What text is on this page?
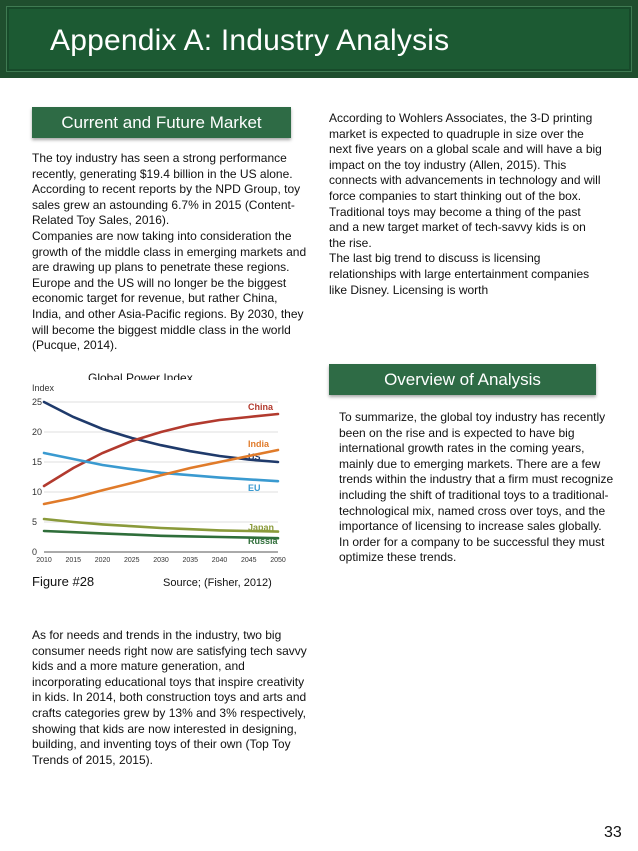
Appendix A: Industry Analysis
Current and Future Market
Overview of Analysis

The toy industry has seen a strong performance recently, generating $19.4 billion in the US alone. According to recent reports by the NPD Group, toy sales grew an astounding 6.7% in 2015 (Content-Related Toy Sales, 2016).

Companies are now taking into consideration the growth of the middle class in emerging markets and are drawing up plans to penetrate these regions. Europe and the US will no longer be the biggest economic target for revenue, but rather China, India, and other Asia-Pacific regions. By 2030, they will become the biggest middle class in the world (Pucque, 2014).

According to Wohlers Associates, the 3-D printing market is expected to quadruple in size over the next five years on a global scale and will have a big impact on the toy industry (Allen, 2015). This connects with advancements in technology and will force companies to start thinking out of the box. Traditional toys may become a thing of the past and a new target market of tech-savvy kids is on the rise.

The last big trend to discuss is licensing relationships with large entertainment companies like Disney. Licensing is worth

To summarize, the global toy industry has recently been on the rise and is expected to have big international growth rates in the coming years, mainly due to emerging markets. There are a few trends within the industry that a firm must recognize including the shift of traditional toys to a traditional-technological mix, named cross over toys, and the importance of licensing to increase sales globally. In order for a company to be successful they must optimize these trends.
Global Power Index
Index
0
5
10
15
20
25
2010 2015 2020 2025 2030 2035 2040 2045 2050
US
China
EU
India
Japan
Russia
Figure #28	Source; (Fisher, 2012)
As for needs and trends in the industry, two big consumer needs right now are satisfying tech savvy kids and a more mature generation, and incorporating educational toys that inspire creativity in kids. In 2014, both construction toys and arts and crafts categories grew by 13% and 3% respectively, showing that kids are now interested in designing, building, and inventing toys of their own (Top Toy Trends of 2015, 2015).
33
